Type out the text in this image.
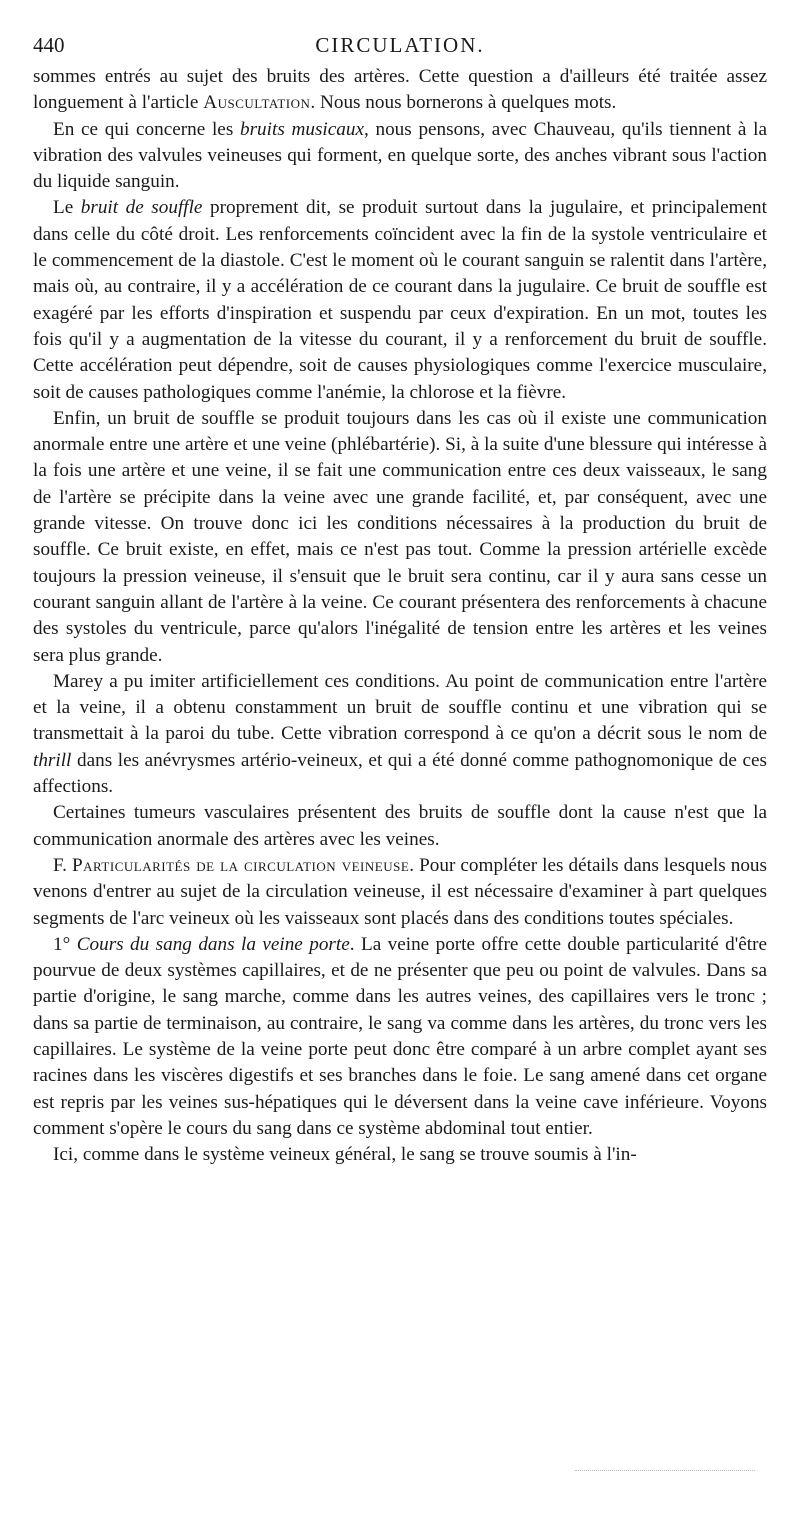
440	CIRCULATION.

sommes entrés au sujet des bruits des artères. Cette question a d'ailleurs été traitée assez longuement à l'article Auscultation. Nous nous bornerons à quelques mots.

En ce qui concerne les bruits musicaux, nous pensons, avec Chauveau, qu'ils tiennent à la vibration des valvules veineuses qui forment, en quelque sorte, des anches vibrant sous l'action du liquide sanguin.

Le bruit de souffle proprement dit, se produit surtout dans la jugulaire, et principalement dans celle du côté droit. Les renforcements coïncident avec la fin de la systole ventriculaire et le commencement de la diastole. C'est le moment où le courant sanguin se ralentit dans l'artère, mais où, au contraire, il y a accélération de ce courant dans la jugulaire. Ce bruit de souffle est exagéré par les efforts d'inspiration et suspendu par ceux d'expiration. En un mot, toutes les fois qu'il y a augmentation de la vitesse du courant, il y a renforcement du bruit de souffle. Cette accélération peut dépendre, soit de causes physiologiques comme l'exercice musculaire, soit de causes pathologiques comme l'anémie, la chlorose et la fièvre.

Enfin, un bruit de souffle se produit toujours dans les cas où il existe une communication anormale entre une artère et une veine (phlébartérie). Si, à la suite d'une blessure qui intéresse à la fois une artère et une veine, il se fait une communication entre ces deux vaisseaux, le sang de l'artère se précipite dans la veine avec une grande facilité, et, par conséquent, avec une grande vitesse. On trouve donc ici les conditions nécessaires à la production du bruit de souffle. Ce bruit existe, en effet, mais ce n'est pas tout. Comme la pression artérielle excède toujours la pression veineuse, il s'ensuit que le bruit sera continu, car il y aura sans cesse un courant sanguin allant de l'artère à la veine. Ce courant présentera des renforcements à chacune des systoles du ventricule, parce qu'alors l'inégalité de tension entre les artères et les veines sera plus grande.

Marey a pu imiter artificiellement ces conditions. Au point de communication entre l'artère et la veine, il a obtenu constamment un bruit de souffle continu et une vibration qui se transmettait à la paroi du tube. Cette vibration correspond à ce qu'on a décrit sous le nom de thrill dans les anévrysmes artério-veineux, et qui a été donné comme pathognomonique de ces affections.

Certaines tumeurs vasculaires présentent des bruits de souffle dont la cause n'est que la communication anormale des artères avec les veines.

F. Particularités de la circulation veineuse. Pour compléter les détails dans lesquels nous venons d'entrer au sujet de la circulation veineuse, il est nécessaire d'examiner à part quelques segments de l'arc veineux où les vaisseaux sont placés dans des conditions toutes spéciales.

1° Cours du sang dans la veine porte. La veine porte offre cette double particularité d'être pourvue de deux systèmes capillaires, et de ne présenter que peu ou point de valvules. Dans sa partie d'origine, le sang marche, comme dans les autres veines, des capillaires vers le tronc ; dans sa partie de terminaison, au contraire, le sang va comme dans les artères, du tronc vers les capillaires. Le système de la veine porte peut donc être comparé à un arbre complet ayant ses racines dans les viscères digestifs et ses branches dans le foie. Le sang amené dans cet organe est repris par les veines sus-hépatiques qui le déversent dans la veine cave inférieure. Voyons comment s'opère le cours du sang dans ce système abdominal tout entier.

Ici, comme dans le système veineux général, le sang se trouve soumis à l'in-
